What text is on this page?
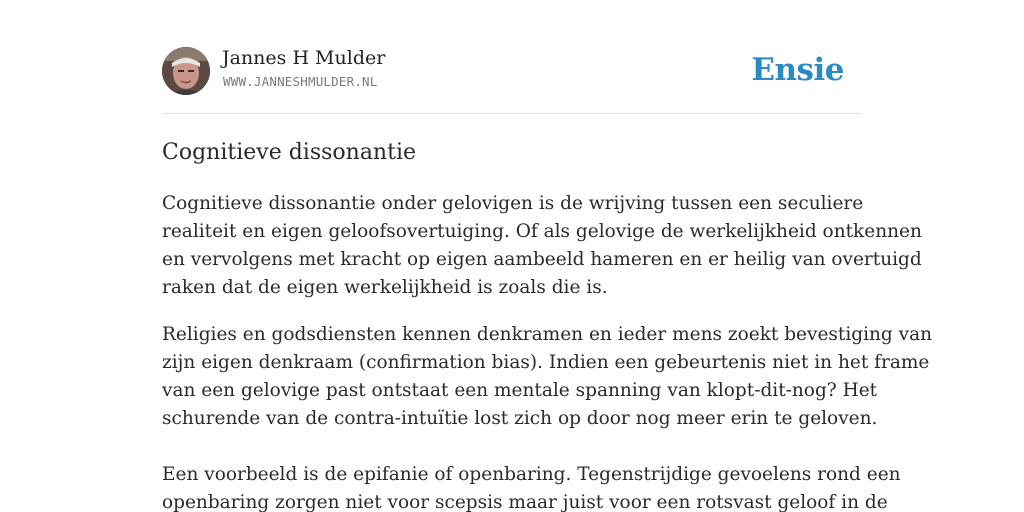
Jannes H Mulder
WWW.JANNESHMULDER.NL	Ensie
Cognitieve dissonantie
Cognitieve dissonantie onder gelovigen is de wrijving tussen een seculiere
realiteit en eigen geloofsovertuiging. Of als gelovige de werkelijkheid ontkennen
en vervolgens met kracht op eigen aambeeld hameren en er heilig van overtuigd
raken dat de eigen werkelijkheid is zoals die is.
Religies en godsdiensten kennen denkramen en ieder mens zoekt bevestiging van
zijn eigen denkraam (confirmation bias). Indien een gebeurtenis niet in het frame
van een gelovige past ontstaat een mentale spanning van klopt-dit-nog? Het
schurende van de contra-intuïtie lost zich op door nog meer erin te geloven.
Een voorbeeld is de epifanie of openbaring. Tegenstrijdige gevoelens rond een
openbaring zorgen niet voor scepsis maar juist voor een rotsvast geloof in de
